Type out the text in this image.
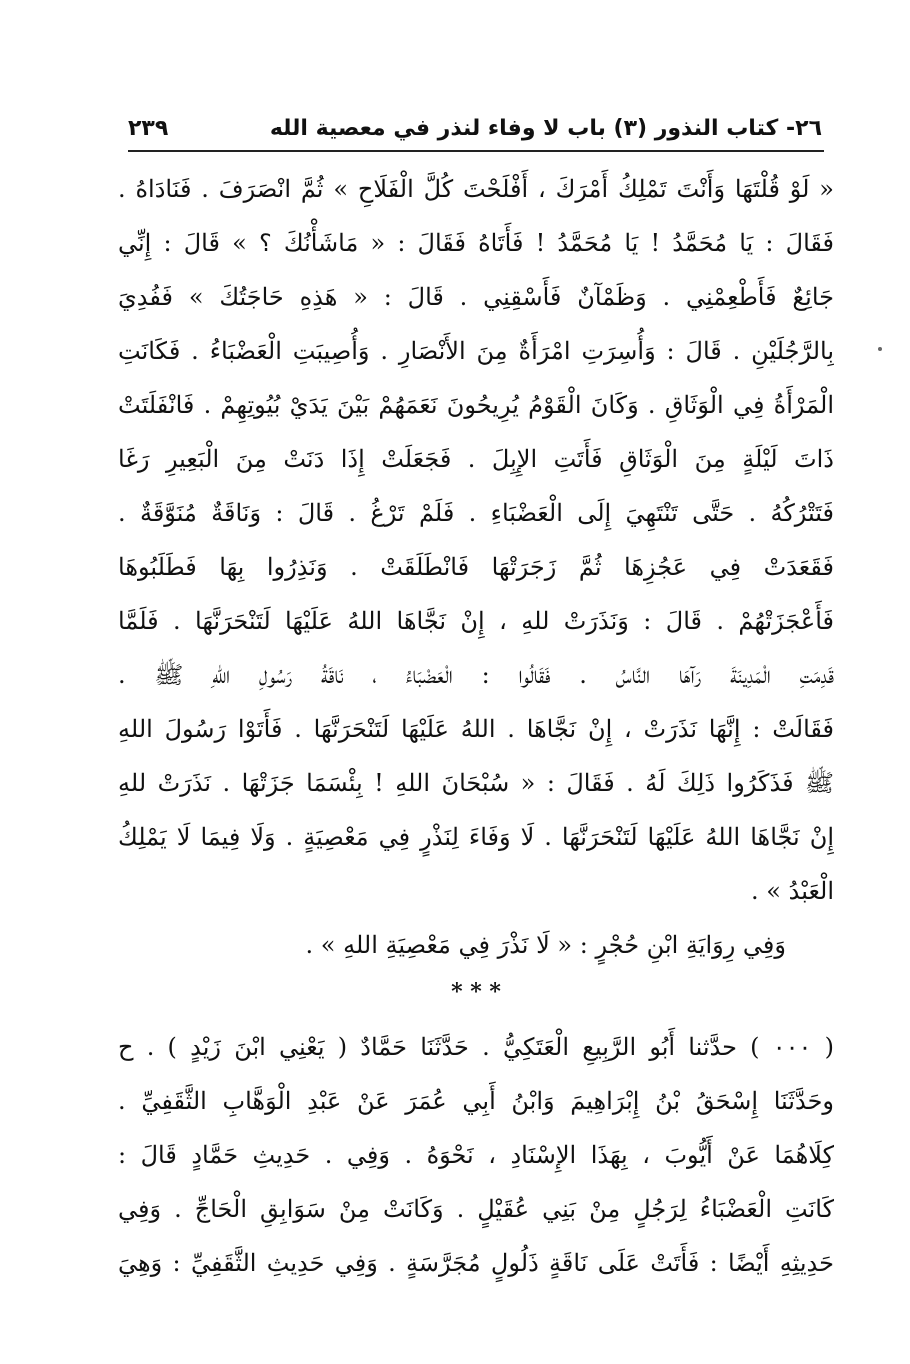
٢٦- كتاب النذور (٣) باب لا وفاء لنذر في معصية الله
٢٣٩
« لَوْ قُلْتَهَا وَأَنْتَ تَمْلِكُ أَمْرَكَ ، أَفْلَحْتَ كُلَّ الْفَلَاحِ » ثُمَّ انْصَرَفَ . فَنَادَاهُ .
فَقَالَ : يَا مُحَمَّدُ ! يَا مُحَمَّدُ ! فَأَتَاهُ فَقَالَ : « مَاشَأْنُكَ ؟ » قَالَ : إِنِّي
جَائِعٌ فَأَطْعِمْنِي . وَظَمْآنٌ فَأَسْقِنِي . قَالَ : « هَذِهِ حَاجَتُكَ » فَفُدِيَ
بِالرَّجُلَيْنِ . قَالَ : وَأُسِرَتِ امْرَأَةٌ مِنَ الأَنْصَارِ . وَأُصِيبَتِ الْعَضْبَاءُ . فَكَانَتِ
الْمَرْأَةُ فِي الْوَثَاقِ . وَكَانَ الْقَوْمُ يُرِيحُونَ نَعَمَهُمْ بَيْنَ يَدَيْ بُيُوتِهِمْ . فَانْفَلَتَتْ
ذَاتَ لَيْلَةٍ مِنَ الْوَثَاقِ فَأَتَتِ الإِبِلَ . فَجَعَلَتْ إِذَا دَنَتْ مِنَ الْبَعِيرِ رَغَا
فَتَتْرُكُهُ . حَتَّى تَنْتَهِيَ إِلَى الْعَضْبَاءِ . فَلَمْ تَرْغُ . قَالَ : وَنَاقَةٌ مُنَوَّقَةٌ .
فَقَعَدَتْ فِي عَجُزِهَا ثُمَّ زَجَرَتْهَا فَانْطَلَقَتْ . وَنَذِرُوا بِهَا فَطَلَبُوهَا
فَأَعْجَزَتْهُمْ . قَالَ : وَنَذَرَتْ للهِ ، إِنْ نَجَّاهَا اللهُ عَلَيْهَا لَتَنْحَرَنَّهَا . فَلَمَّا
قَدِمَتِ الْمَدِينَةَ رَآهَا النَّاسُ . فَقَالُوا : الْعَضْبَاءُ ، نَاقَةُ رَسُولِ اللهِ ﷺ .
فَقَالَتْ : إِنَّهَا نَذَرَتْ ، إِنْ نَجَّاهَا . اللهُ عَلَيْهَا لَتَنْحَرَنَّهَا . فَأَتَوْا رَسُولَ اللهِ
ﷺ فَذَكَرُوا ذَلِكَ لَهُ . فَقَالَ : « سُبْحَانَ اللهِ ! بِئْسَمَا جَزَتْهَا . نَذَرَتْ للهِ
إِنْ نَجَّاهَا اللهُ عَلَيْهَا لَتَنْحَرَنَّهَا . لَا وَفَاءَ لِنَذْرٍ فِي مَعْصِيَةٍ . وَلَا فِيمَا لَا يَمْلِكُ
الْعَبْدُ » .
وَفِي رِوَايَةِ ابْنِ حُجْرٍ : « لَا نَذْرَ فِي مَعْصِيَةِ اللهِ » .
* * *
( ٠٠٠ ) حدَّثنا أَبُو الرَّبِيعِ الْعَتَكِيُّ . حَدَّثَنَا حَمَّادٌ ( يَعْنِي ابْنَ زَيْدٍ ) . ح
وحَدَّثَنَا إِسْحَقُ بْنُ إِبْرَاهِيمَ وَابْنُ أَبِي عُمَرَ عَنْ عَبْدِ الْوَهَّابِ الثَّقَفِيِّ .
كِلَاهُمَا عَنْ أَيُّوبَ ، بِهَذَا الإِسْنَادِ ، نَحْوَهُ . وَفِي . حَدِيثِ حَمَّادٍ قَالَ :
كَانَتِ الْعَضْبَاءُ لِرَجُلٍ مِنْ بَنِي عُقَيْلٍ . وَكَانَتْ مِنْ سَوَابِقِ الْحَاجِّ . وَفِي
حَدِيثِهِ أَيْضًا : فَأَتَتْ عَلَى نَاقَةٍ ذَلُولٍ مُجَرَّسَةٍ . وَفِي حَدِيثِ الثَّقَفِيِّ : وَهِيَ
